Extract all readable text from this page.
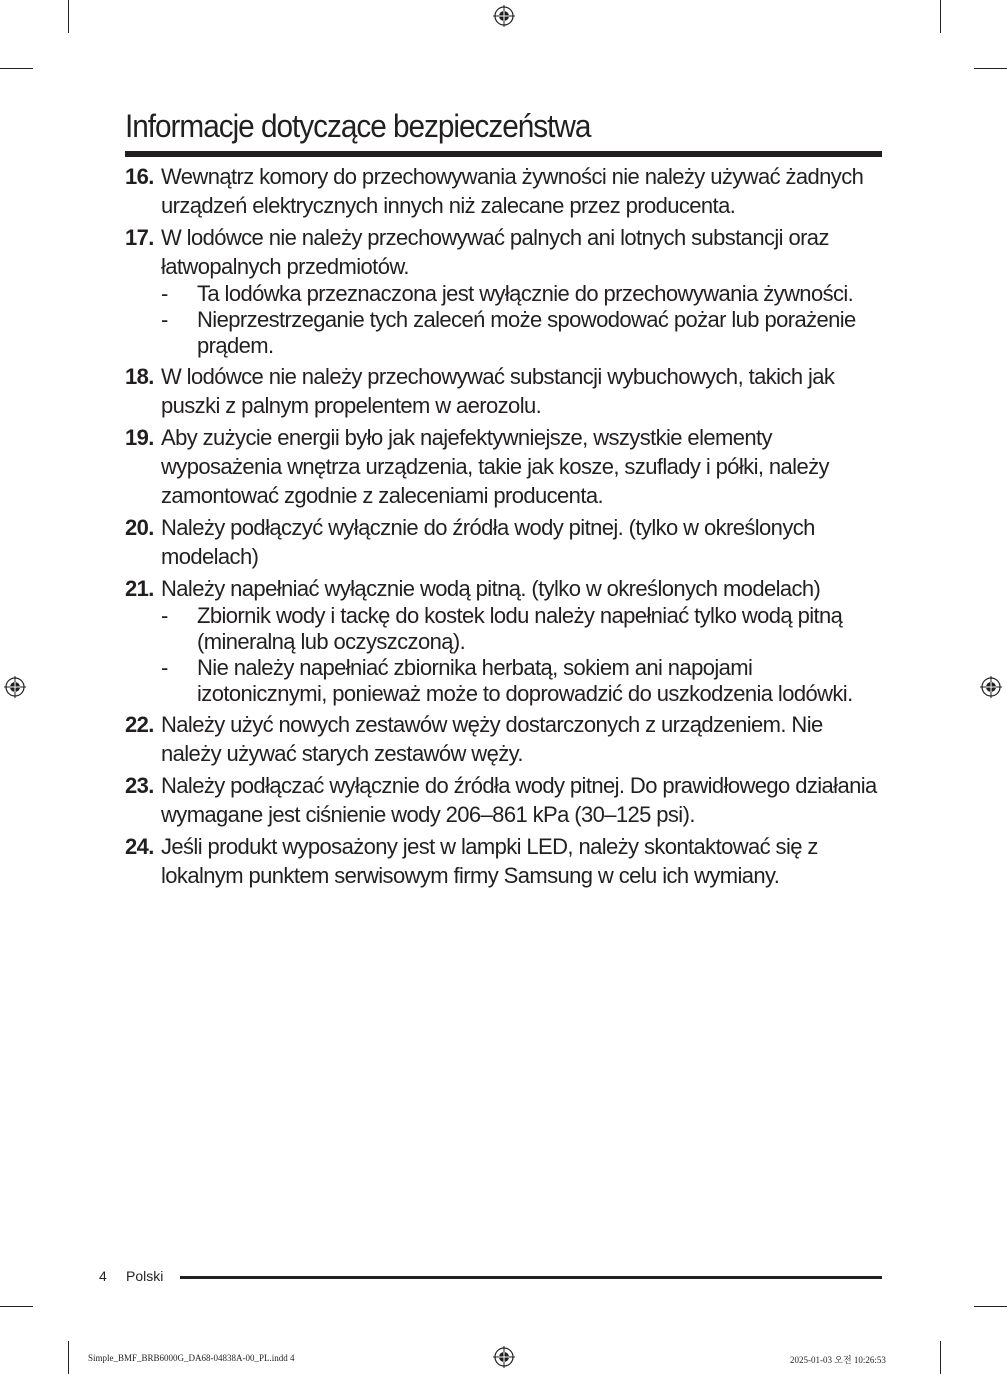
Informacje dotyczące bezpieczeństwa
16. Wewnątrz komory do przechowywania żywności nie należy używać żadnych urządzeń elektrycznych innych niż zalecane przez producenta.
17. W lodówce nie należy przechowywać palnych ani lotnych substancji oraz łatwopalnych przedmiotów.
- Ta lodówka przeznaczona jest wyłącznie do przechowywania żywności.
- Nieprzestrzeganie tych zaleceń może spowodować pożar lub porażenie prądem.
18. W lodówce nie należy przechowywać substancji wybuchowych, takich jak puszki z palnym propelentem w aerozolu.
19. Aby zużycie energii było jak najefektywniejsze, wszystkie elementy wyposażenia wnętrza urządzenia, takie jak kosze, szuflady i półki, należy zamontować zgodnie z zaleceniami producenta.
20. Należy podłączyć wyłącznie do źródła wody pitnej. (tylko w określonych modelach)
21. Należy napełniać wyłącznie wodą pitną. (tylko w określonych modelach)
- Zbiornik wody i tackę do kostek lodu należy napełniać tylko wodą pitną (mineralną lub oczyszczoną).
- Nie należy napełniać zbiornika herbatą, sokiem ani napojami izotonicznymi, ponieważ może to doprowadzić do uszkodzenia lodówki.
22. Należy użyć nowych zestawów węży dostarczonych z urządzeniem. Nie należy używać starych zestawów węży.
23. Należy podłączać wyłącznie do źródła wody pitnej. Do prawidłowego działania wymagane jest ciśnienie wody 206–861 kPa (30–125 psi).
24. Jeśli produkt wyposażony jest w lampki LED, należy skontaktować się z lokalnym punktem serwisowym firmy Samsung w celu ich wymiany.
4 Polski
Simple_BMF_BRB6000G_DA68-04838A-00_PL.indd 4	2025-01-03 오전 10:26:53
